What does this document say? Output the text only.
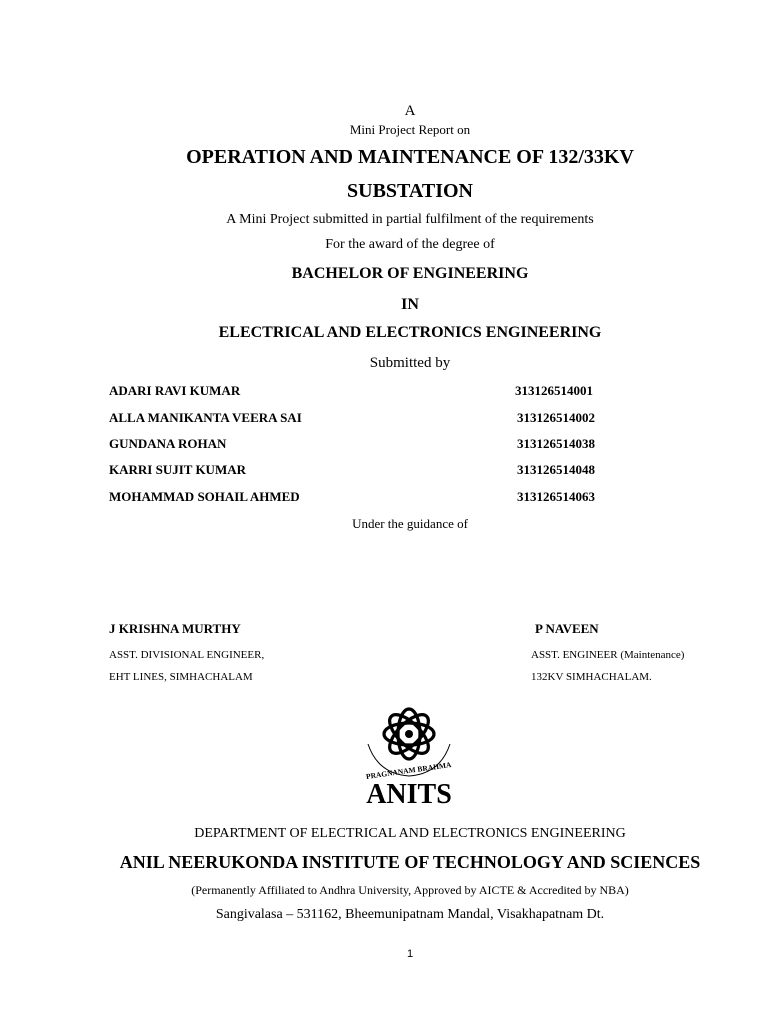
A
Mini Project Report on
OPERATION AND MAINTENANCE OF 132/33KV
SUBSTATION
A Mini Project submitted in partial fulfilment of the requirements
For the award of the degree of
BACHELOR OF ENGINEERING
IN
ELECTRICAL AND ELECTRONICS ENGINEERING
Submitted by
ADARI RAVI KUMAR	313126514001
ALLA MANIKANTA VEERA SAI	313126514002
GUNDANA ROHAN	313126514038
KARRI SUJIT KUMAR	313126514048
MOHAMMAD SOHAIL AHMED	313126514063
Under the guidance of
J KRISHNA MURTHY
ASST. DIVISIONAL ENGINEER,
EHT LINES, SIMHACHALAM
P NAVEEN
ASST. ENGINEER (Maintenance)
132KV SIMHACHALAM.
PRAGNANAM BRAHMA
ANITS
DEPARTMENT OF ELECTRICAL AND ELECTRONICS ENGINEERING
ANIL NEERUKONDA INSTITUTE OF TECHNOLOGY AND SCIENCES
(Permanently Affiliated to Andhra University, Approved by AICTE & Accredited by NBA)
Sangivalasa – 531162, Bheemunipatnam Mandal, Visakhapatnam Dt.
1
